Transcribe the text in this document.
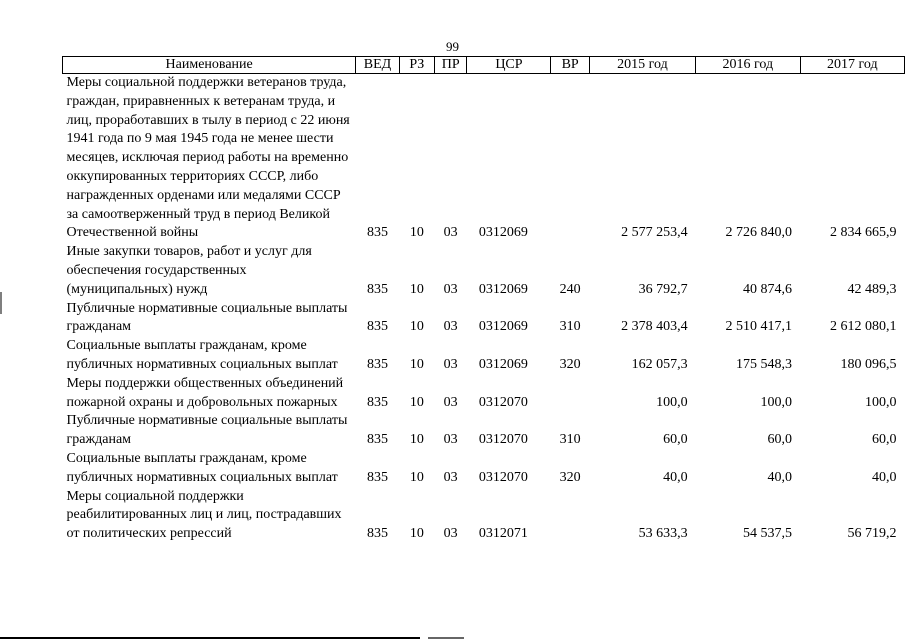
99
Наименование	ВЕД	РЗ	ПР	ЦСР	ВР	2015 год	2016 год	2017 год
Меры социальной поддержки ветеранов труда, граждан, приравненных к ветеранам труда, и лиц, проработавших в тылу в период с 22 июня 1941 года по 9 мая 1945 года не менее шести месяцев, исключая период работы на временно оккупированных территориях СССР, либо награжденных орденами или медалями СССР за самоотверженный труд в период Великой Отечественной войны	835	10	03	0312069		2 577 253,4	2 726 840,0	2 834 665,9
Иные закупки товаров, работ и услуг для обеспечения государственных (муниципальных) нужд	835	10	03	0312069	240	36 792,7	40 874,6	42 489,3
Публичные нормативные социальные выплаты гражданам	835	10	03	0312069	310	2 378 403,4	2 510 417,1	2 612 080,1
Социальные выплаты гражданам, кроме публичных нормативных социальных выплат	835	10	03	0312069	320	162 057,3	175 548,3	180 096,5
Меры поддержки общественных объединений пожарной охраны и добровольных пожарных	835	10	03	0312070		100,0	100,0	100,0
Публичные нормативные социальные выплаты гражданам	835	10	03	0312070	310	60,0	60,0	60,0
Социальные выплаты гражданам, кроме публичных нормативных социальных выплат	835	10	03	0312070	320	40,0	40,0	40,0
Меры социальной поддержки реабилитированных лиц и лиц, пострадавших от политических репрессий	835	10	03	0312071		53 633,3	54 537,5	56 719,2
